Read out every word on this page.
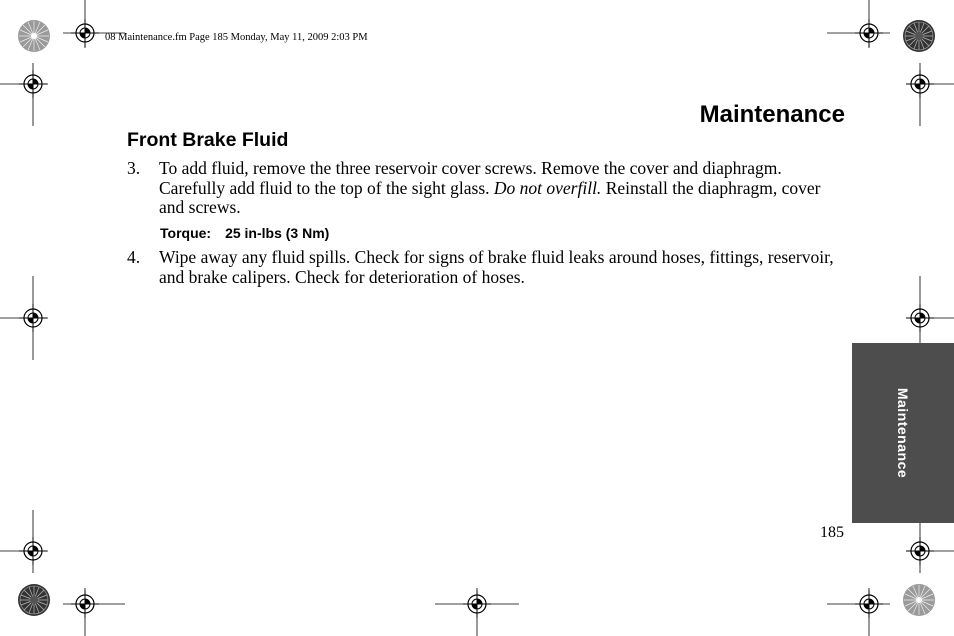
08 Maintenance.fm Page 185 Monday, May 11, 2009 2:03 PM
Maintenance
Front Brake Fluid
3. To add fluid, remove the three reservoir cover screws. Remove the cover and diaphragm. Carefully add fluid to the top of the sight glass. Do not overfill. Reinstall the diaphragm, cover and screws.
Torque: 25 in-lbs (3 Nm)
4. Wipe away any fluid spills. Check for signs of brake fluid leaks around hoses, fittings, reservoir, and brake calipers. Check for deterioration of hoses.
Maintenance
185
